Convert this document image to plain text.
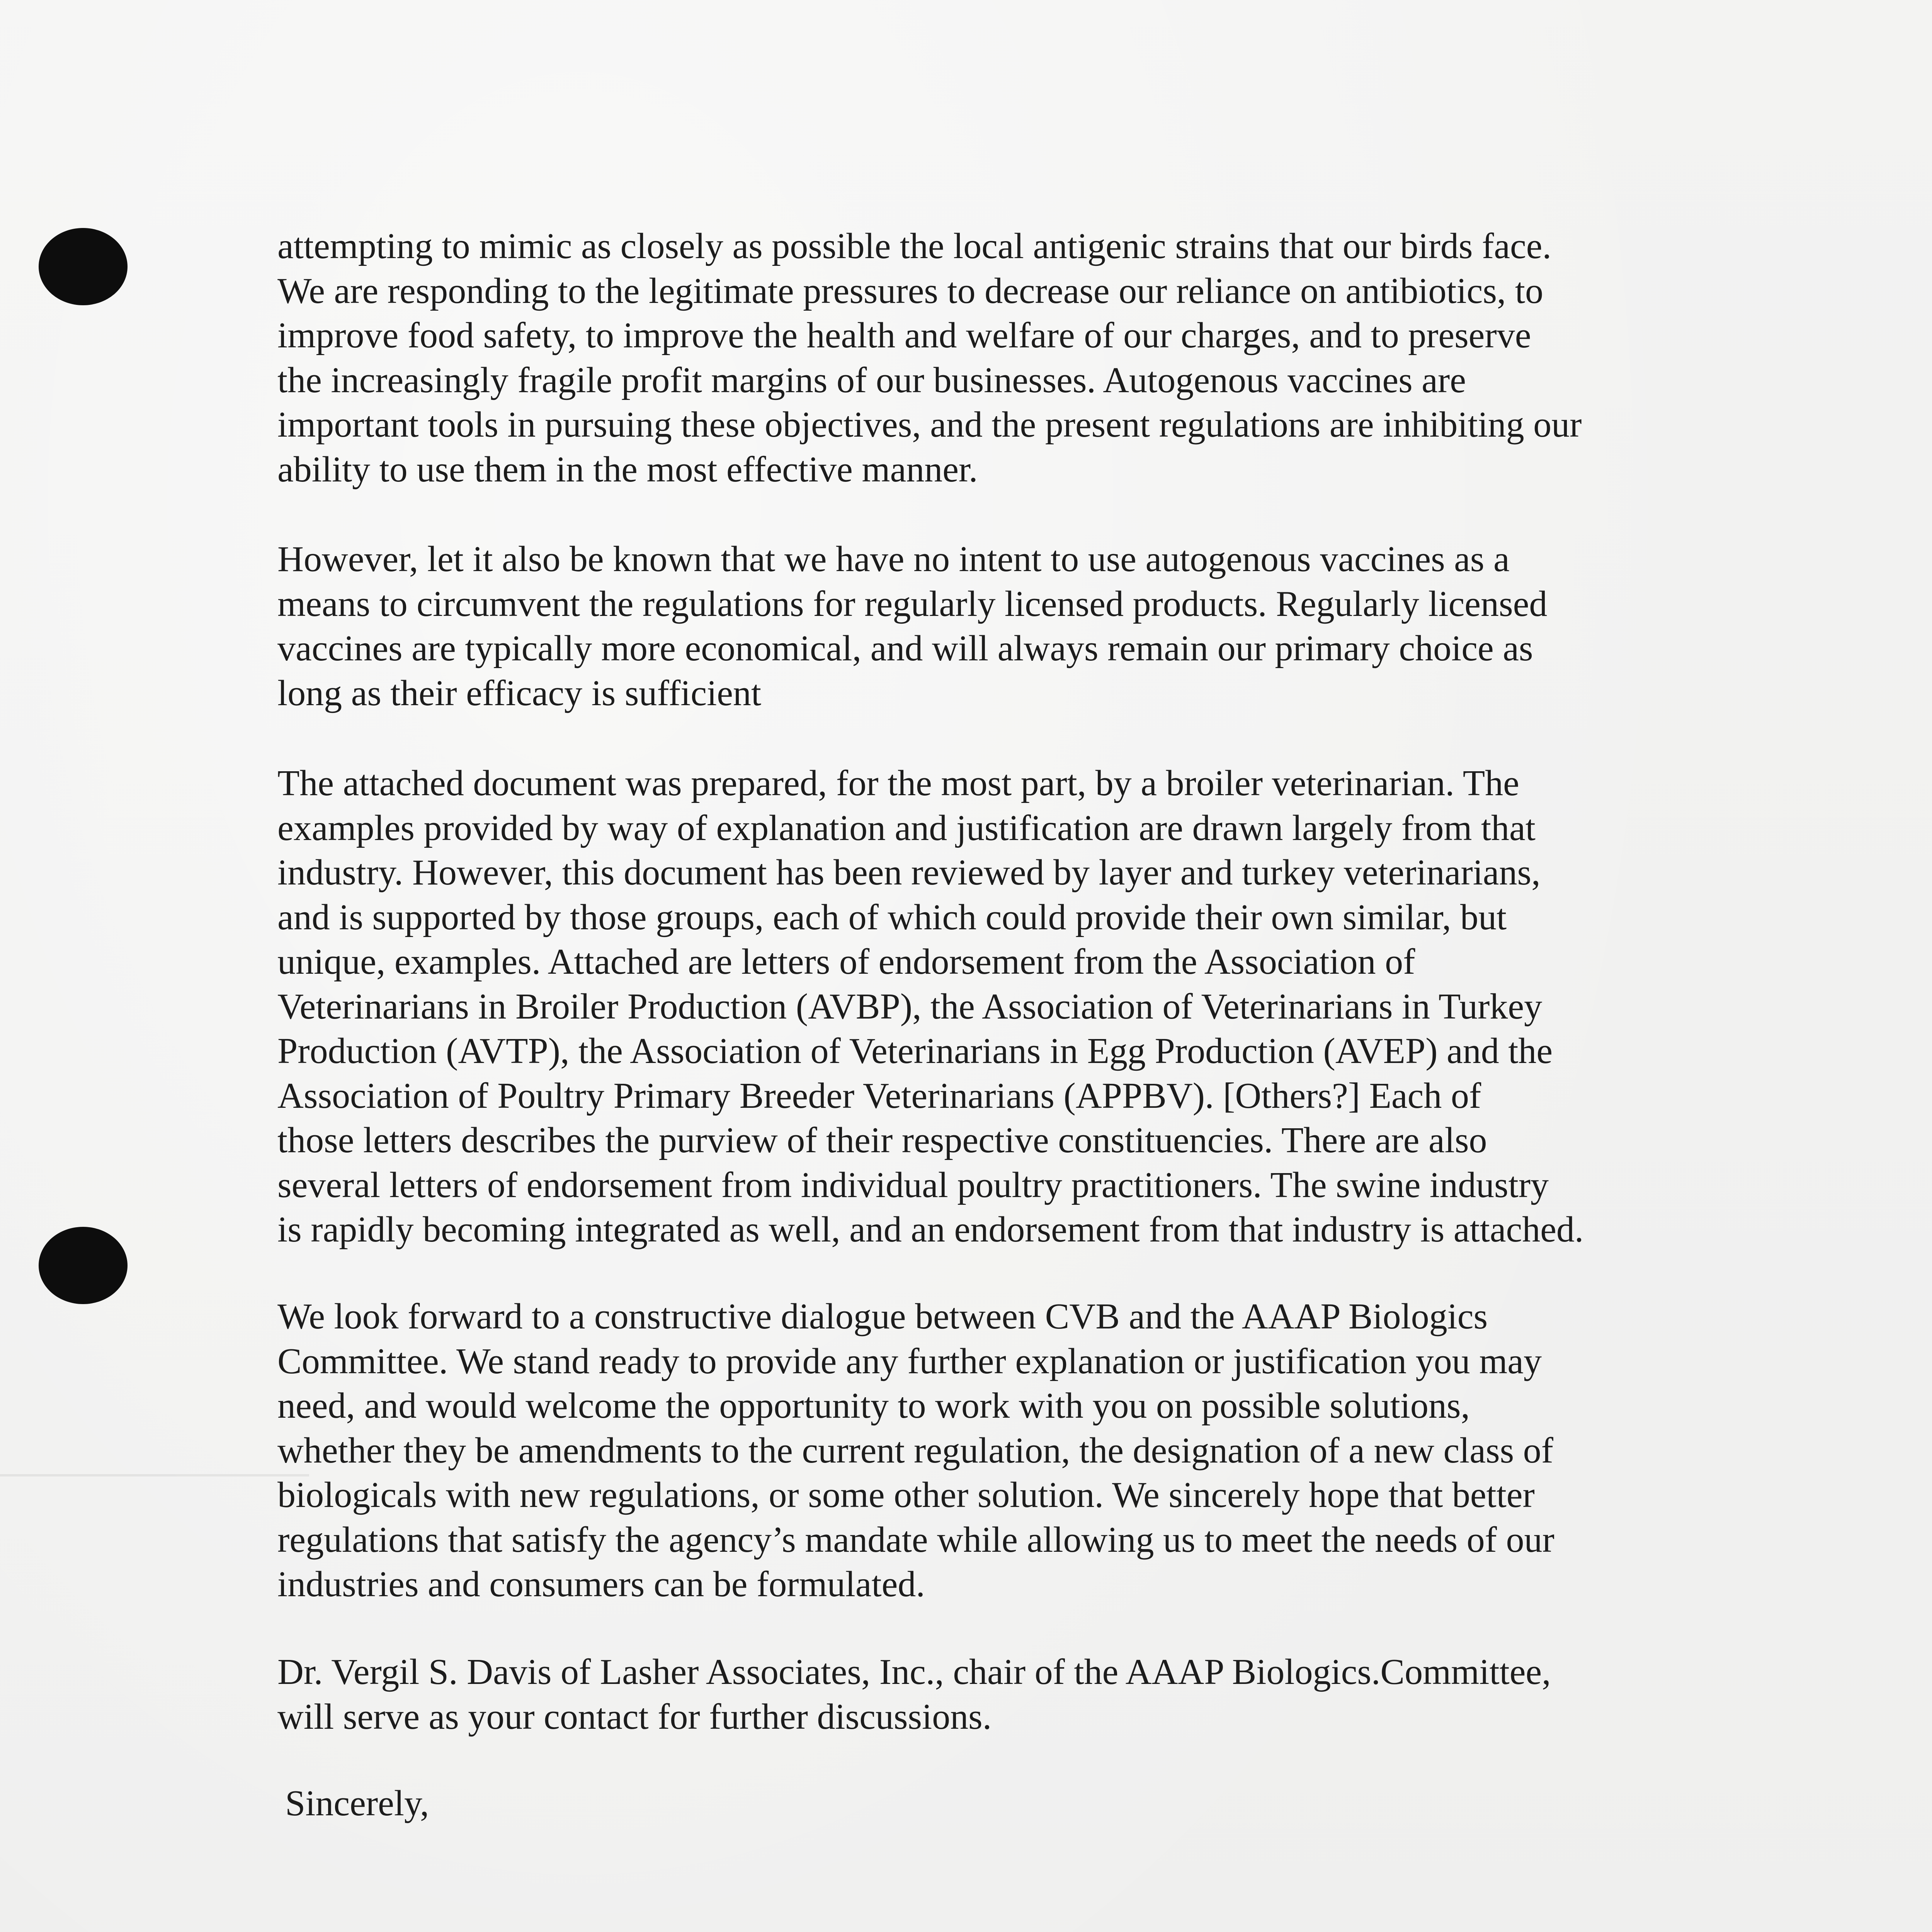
attempting to mimic as closely as possible the local antigenic strains that our birds face.
We are responding to the legitimate pressures to decrease our reliance on antibiotics, to
improve food safety, to improve the health and welfare of our charges, and to preserve
the increasingly fragile profit margins of our businesses. Autogenous vaccines are
important tools in pursuing these objectives, and the present regulations are inhibiting our
ability to use them in the most effective manner.

However, let it also be known that we have no intent to use autogenous vaccines as a
means to circumvent the regulations for regularly licensed products. Regularly licensed
vaccines are typically more economical, and will always remain our primary choice as
long as their efficacy is sufficient

The attached document was prepared, for the most part, by a broiler veterinarian. The
examples provided by way of explanation and justification are drawn largely from that
industry. However, this document has been reviewed by layer and turkey veterinarians,
and is supported by those groups, each of which could provide their own similar, but
unique, examples. Attached are letters of endorsement from the Association of
Veterinarians in Broiler Production (AVBP), the Association of Veterinarians in Turkey
Production (AVTP), the Association of Veterinarians in Egg Production (AVEP) and the
Association of Poultry Primary Breeder Veterinarians (APPBV). [Others?] Each of
those letters describes the purview of their respective constituencies. There are also
several letters of endorsement from individual poultry practitioners. The swine industry
is rapidly becoming integrated as well, and an endorsement from that industry is attached.

We look forward to a constructive dialogue between CVB and the AAAP Biologics
Committee. We stand ready to provide any further explanation or justification you may
need, and would welcome the opportunity to work with you on possible solutions,
whether they be amendments to the current regulation, the designation of a new class of
biologicals with new regulations, or some other solution. We sincerely hope that better
regulations that satisfy the agency’s mandate while allowing us to meet the needs of our
industries and consumers can be formulated.

Dr. Vergil S. Davis of Lasher Associates, Inc., chair of the AAAP Biologics.Committee,
will serve as your contact for further discussions.

Sincerely,
